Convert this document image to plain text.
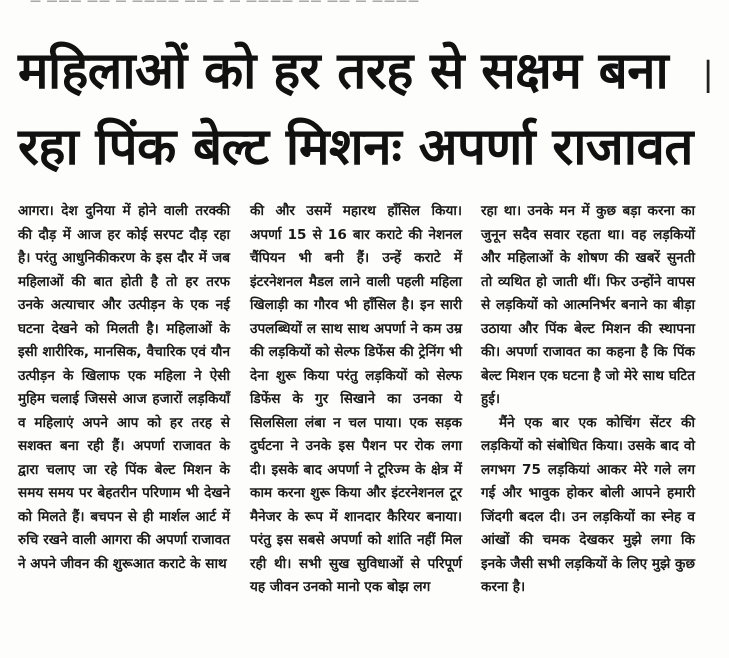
— ——— —— — ———— —— — — ———— —— —— — ————
महिलाओं को हर तरह से सक्षम बना
रहा पिंक बेल्ट मिशनः अपर्णा राजावत
▏

आगरा। देश दुनिया में होने वाली तरक्की की दौड़ में आज हर कोई सरपट दौड़ रहा है। परंतु आधुनिकीकरण के इस दौर में जब महिलाओं की बात होती है तो हर तरफ उनके अत्याचार और उत्पीड़न के एक नई घटना देखने को मिलती है। महिलाओं के इसी शारीरिक, मानसिक, वैचारिक एवं यौन उत्पीड़न के खिलाफ एक महिला ने ऐसी मुहिम चलाई जिससे आज हजारों लड़कियाँ व महिलाएं अपने आप को हर तरह से सशक्त बना रही हैं। अपर्णा राजावत के द्वारा चलाए जा रहे पिंक बेल्ट मिशन के समय समय पर बेहतरीन परिणाम भी देखने को मिलते हैं। बचपन से ही मार्शल आर्ट में रुचि रखने वाली आगरा की अपर्णा राजावत ने अपने जीवन की शुरूआत कराटे के साथ

की और उसमें महारथ हाँसिल किया। अपर्णा 15 से 16 बार कराटे की नेशनल चैंपियन भी बनी हैं। उन्हें कराटे में इंटरनेशनल मैडल लाने वाली पहली महिला खिलाड़ी का गौरव भी हाँसिल है। इन सारी उपलब्धियों ल साथ साथ अपर्णा ने कम उम्र की लड़कियों को सेल्फ डिफेंस की ट्रेनिंग भी देना शुरू किया परंतु लड़कियों को सेल्फ डिफेंस के गुर सिखाने का उनका ये सिलसिला लंबा न चल पाया। एक सड़क दुर्घटना ने उनके इस पैशन पर रोक लगा दी। इसके बाद अपर्णा ने टूरिज्म के क्षेत्र में काम करना शुरू किया और इंटरनेशनल टूर मैनेजर के रूप में शानदार कैरियर बनाया। परंतु इस सबसे अपर्णा को शांति नहीं मिल रही थी। सभी सुख सुविधाओं से परिपूर्ण यह जीवन उनको मानो एक बोझ लग

रहा था। उनके मन में कुछ बड़ा करना का जुनून सदैव सवार रहता था। वह लड़कियों और महिलाओं के शोषण की खबरें सुनती तो व्यथित हो जाती थीं। फिर उन्होंने वापस से लड़कियों को आत्मनिर्भर बनाने का बीड़ा उठाया और पिंक बेल्ट मिशन की स्थापना की। अपर्णा राजावत का कहना है कि पिंक बेल्ट मिशन एक घटना है जो मेरे साथ घटित हुई।

मैंने एक बार एक कोचिंग सेंटर की लड़कियों को संबोधित किया। उसके बाद वो लगभग 75 लड़कियां आकर मेरे गले लग गई और भावुक होकर बोली आपने हमारी जिंदगी बदल दी। उन लड़कियों का स्नेह व आंखों की चमक देखकर मुझे लगा कि इनके जैसी सभी लड़कियों के लिए मुझे कुछ करना है।
